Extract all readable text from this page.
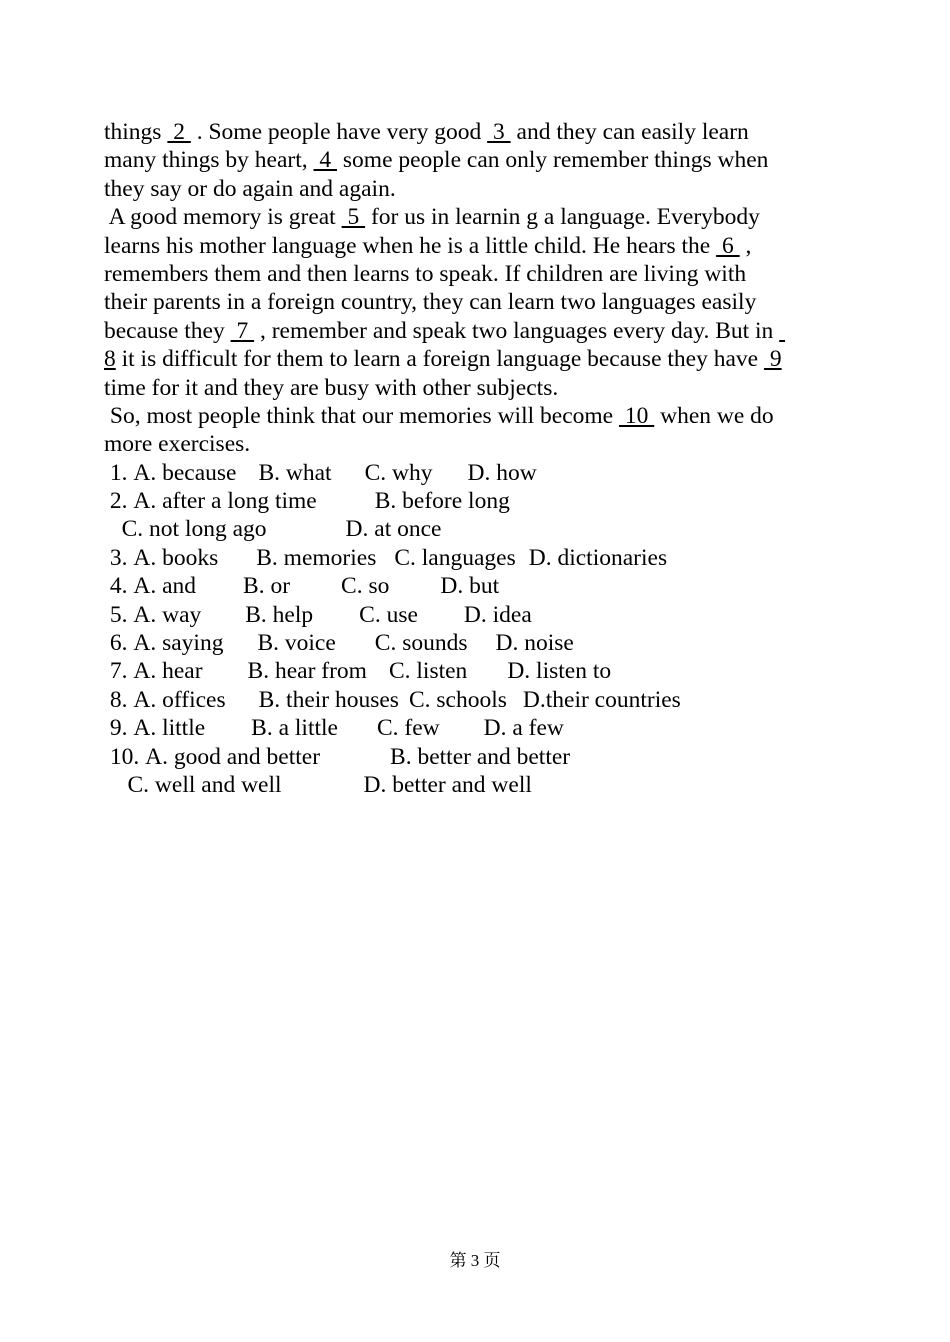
things  2  . Some people have very good  3  and they can easily learn
many things by heart,  4  some people can only remember things when
they say or do again and again.
A good memory is great  5  for us in learnin g a language. Everybody
learns his mother language when he is a little child. He hears the  6  ,
remembers them and then learns to speak. If children are living with
their parents in a foreign country, they can learn two languages easily
because they  7  , remember and speak two languages every day. But in
8 it is difficult for them to learn a foreign language because they have  9
time for it and they are busy with other subjects.
So, most people think that our memories will become  10  when we do
more exercises.
1. A. because B. what C. why D. how
2. A. after a long time B. before long
C. not long ago	D. at once
3. A. books B. memories C. languages D. dictionaries
4. A. and B. or C. so D. but
5. A. way B. help C. use D. idea
6. A. saying B. voice C. sounds D. noise
7. A. hear B. hear from C. listen D. listen to
8. A. offices B. their houses C. schools D.their countries
9. A. little B. a little C. few D. a few
10. A. good and better	B. better and better
C. well and well	D. better and well
第 3 页
